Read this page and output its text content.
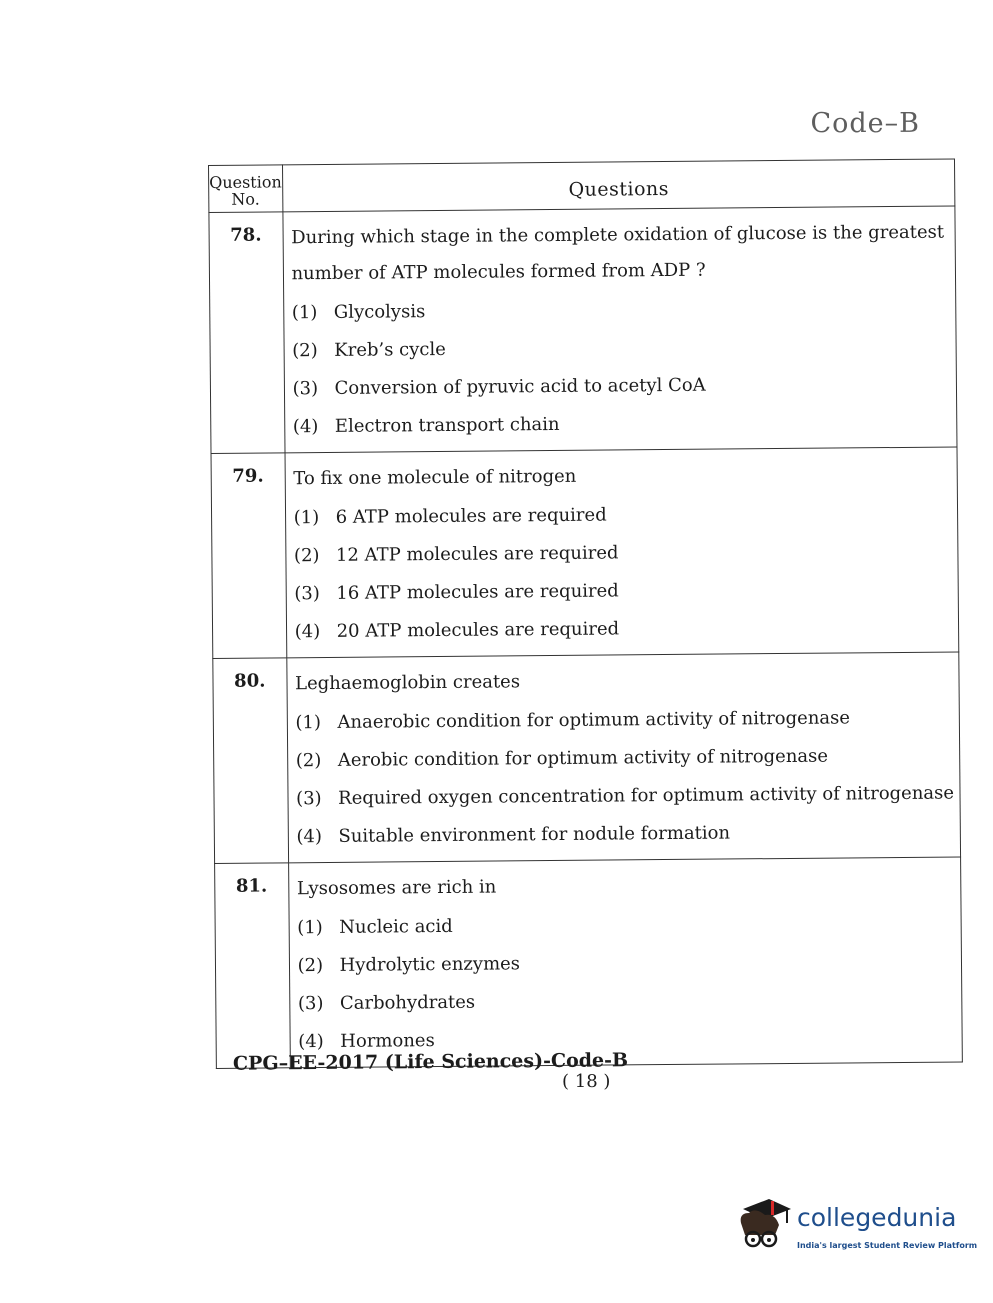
Code–B
Question No.	Questions
78.	During which stage in the complete oxidation of glucose is the greatest number of ATP molecules formed from ADP ?
(1) Glycolysis
(2) Kreb’s cycle
(3) Conversion of pyruvic acid to acetyl CoA
(4) Electron transport chain

79.	To fix one molecule of nitrogen
(1) 6 ATP molecules are required
(2) 12 ATP molecules are required
(3) 16 ATP molecules are required
(4) 20 ATP molecules are required

80.	Leghaemoglobin creates
(1) Anaerobic condition for optimum activity of nitrogenase
(2) Aerobic condition for optimum activity of nitrogenase
(3) Required oxygen concentration for optimum activity of nitrogenase
(4) Suitable environment for nodule formation

81.	Lysosomes are rich in
(1) Nucleic acid
(2) Hydrolytic enzymes
(3) Carbohydrates
(4) Hormones
CPG–EE-2017 (Life Sciences)-Code-B
( 18 )
collegedunia
India's largest Student Review Platform
